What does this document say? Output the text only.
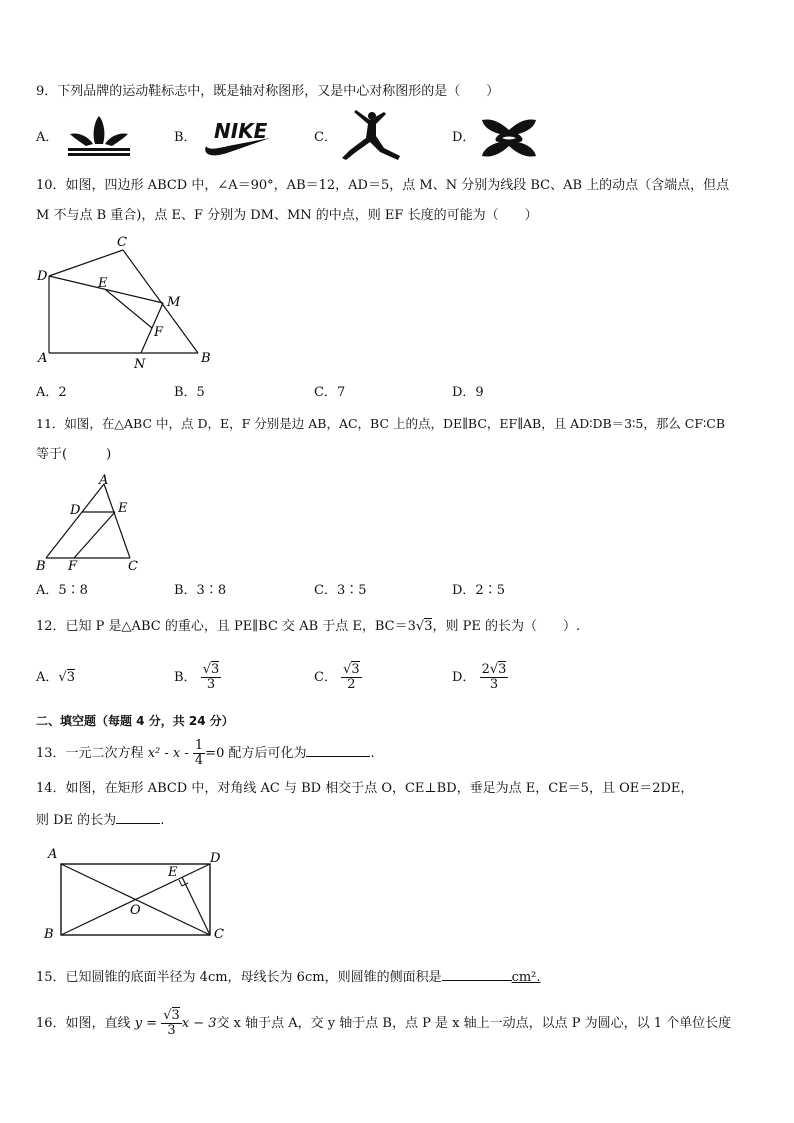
9．下列品牌的运动鞋标志中，既是轴对称图形，又是中心对称图形的是（　　）
A．	B． NIKE	C．	D．
10．如图，四边形 ABCD 中，∠A＝90°，AB＝12，AD＝5，点 M、N 分别为线段 BC、AB 上的动点（含端点，但点
M 不与点 B 重合)，点 E、F 分别为 DM、MN 的中点，则 EF 长度的可能为（　　）
D
C
E
M
F
A	N	B
A．2	B．5	C．7	D．9
11．如图，在△ABC 中，点 D，E，F 分别是边 AB，AC，BC 上的点，DE∥BC，EF∥AB，且 AD∶DB＝3∶5，那么 CF∶CB
等于(　　　)
A
D	E
B F	C
A．5∶8	B．3∶8	C．3∶5	D．2∶5
12．已知 P 是△ABC 的重心，且 PE∥BC 交 AB 于点 E，BC＝3√3，则 PE 的长为（　　）.
A．√3	B． $\frac{√3}{3}$	C． $\frac{√3}{2}$	D． $\frac{2√3}{3}$
二、填空题（每题 4 分，共 24 分）
13．一元二次方程 $x^2 - x - \frac{1}{4} =0$ 配方后可化为	.
14．如图，在矩形 ABCD 中，对角线 AC 与 BD 相交于点 O，CE⊥BD，垂足为点 E，CE＝5，且 OE＝2DE，
则 DE 的长为	.
A	D
E
O
B	C
15．已知圆锥的底面半径为 4cm，母线长为 6cm，则圆锥的侧面积是	cm².
16．如图，直线 $y = \frac{√3}{3}$ x − 3交 x 轴于点 A，交 y 轴于点 B，点 P 是 x 轴上一动点，以点 P 为圆心，以 1 个单位长度
